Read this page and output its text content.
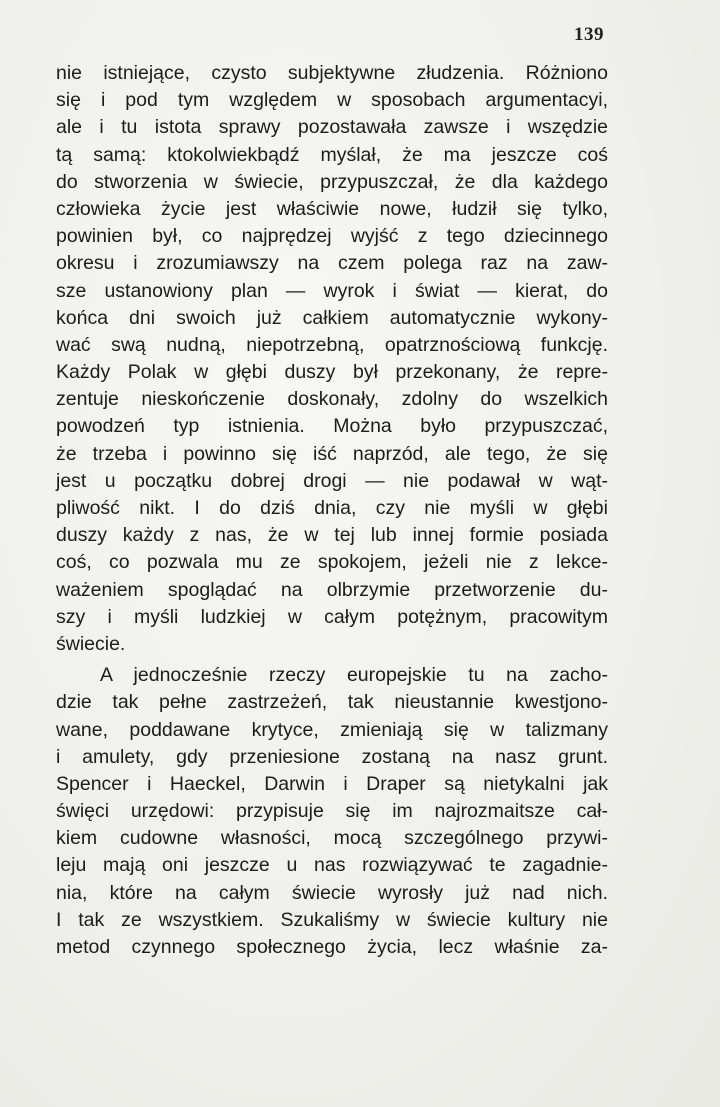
139
nie istniejące, czysto subjektywne złudzenia. Różniono
się i pod tym względem w sposobach argumentacyi,
ale i tu istota sprawy pozostawała zawsze i wszędzie
tą samą: ktokolwiekbądź myślał, że ma jeszcze coś
do stworzenia w świecie, przypuszczał, że dla każdego
człowieka życie jest właściwie nowe, łudził się tylko,
powinien był, co najprędzej wyjść z tego dziecinnego
okresu i zrozumiawszy na czem polega raz na zaw-
sze ustanowiony plan — wyrok i świat — kierat, do
końca dni swoich już całkiem automatycznie wykony-
wać swą nudną, niepotrzebną, opatrznościową funkcję.
Każdy Polak w głębi duszy był przekonany, że repre-
zentuje nieskończenie doskonały, zdolny do wszelkich
powodzeń typ istnienia. Można było przypuszczać,
że trzeba i powinno się iść naprzód, ale tego, że się
jest u początku dobrej drogi — nie podawał w wąt-
pliwość nikt. I do dziś dnia, czy nie myśli w głębi
duszy każdy z nas, że w tej lub innej formie posiada
coś, co pozwala mu ze spokojem, jeżeli nie z lekce-
ważeniem spoglądać na olbrzymie przetworzenie du-
szy i myśli ludzkiej w całym potężnym, pracowitym
świecie.
A jednocześnie rzeczy europejskie tu na zacho-
dzie tak pełne zastrzeżeń, tak nieustannie kwestjono-
wane, poddawane krytyce, zmieniają się w talizmany
i amulety, gdy przeniesione zostaną na nasz grunt.
Spencer i Haeckel, Darwin i Draper są nietykalni jak
święci urzędowi: przypisuje się im najrozmaitsze cał-
kiem cudowne własności, mocą szczególnego przywi-
leju mają oni jeszcze u nas rozwiązywać te zagadnie-
nia, które na całym świecie wyrosły już nad nich.
I tak ze wszystkiem. Szukaliśmy w świecie kultury nie
metod czynnego społecznego życia, lecz właśnie za-
